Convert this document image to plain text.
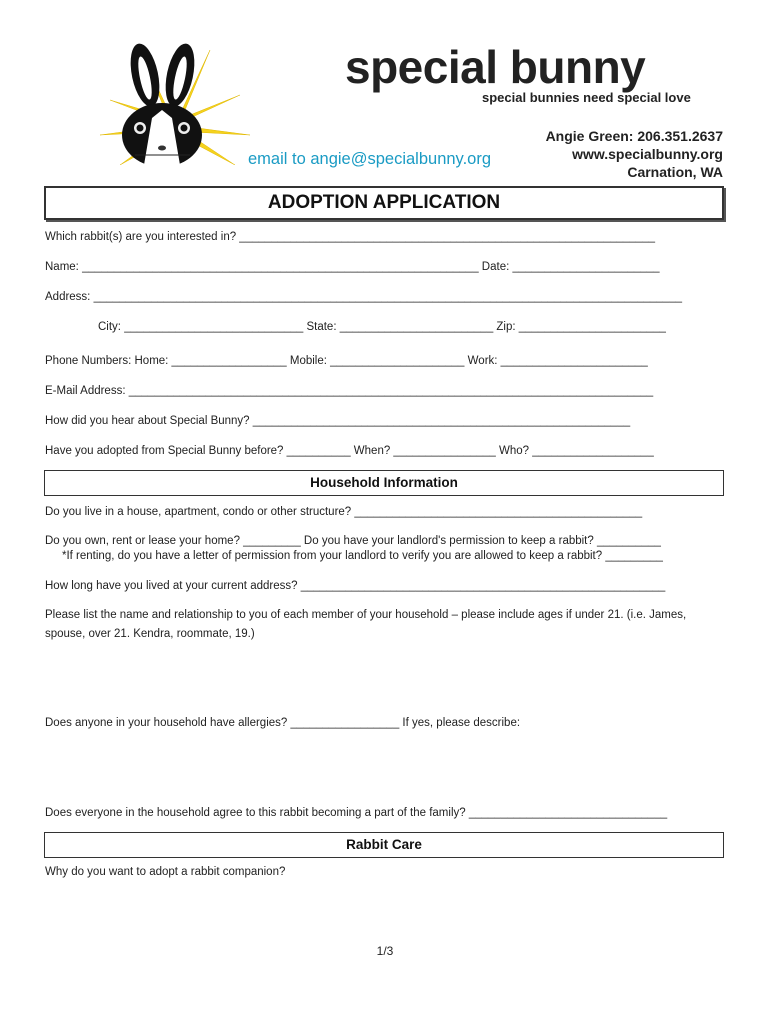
special bunny
special bunnies need special love
Angie Green: 206.351.2637
www.specialbunny.org
Carnation, WA
email to angie@specialbunny.org
ADOPTION APPLICATION
Which rabbit(s) are you interested in? _________________________________________________________________
Name: ______________________________________________________________ Date: _______________________
Address: ____________________________________________________________________________________________
City: ____________________________ State: ________________________ Zip: _______________________
Phone Numbers: Home: __________________ Mobile: _____________________ Work: _______________________
E-Mail Address: __________________________________________________________________________________
How did you hear about Special Bunny? ___________________________________________________________
Have you adopted from Special Bunny before? __________ When? ________________ Who? ___________________
Household Information
Do you live in a house, apartment, condo or other structure? _____________________________________________
Do you own, rent or lease your home? _________ Do you have your landlord's permission to keep a rabbit? __________
*If renting, do you have a letter of permission from your landlord to verify you are allowed to keep a rabbit? _________
How long have you lived at your current address? _________________________________________________________
Please list the name and relationship to you of each member of your household – please include ages if under 21. (i.e. James, spouse, over 21. Kendra, roommate, 19.)
Does anyone in your household have allergies? _________________ If yes, please describe:
Does everyone in the household agree to this rabbit becoming a part of the family? _______________________________
Rabbit Care
Why do you want to adopt a rabbit companion?
1/3
